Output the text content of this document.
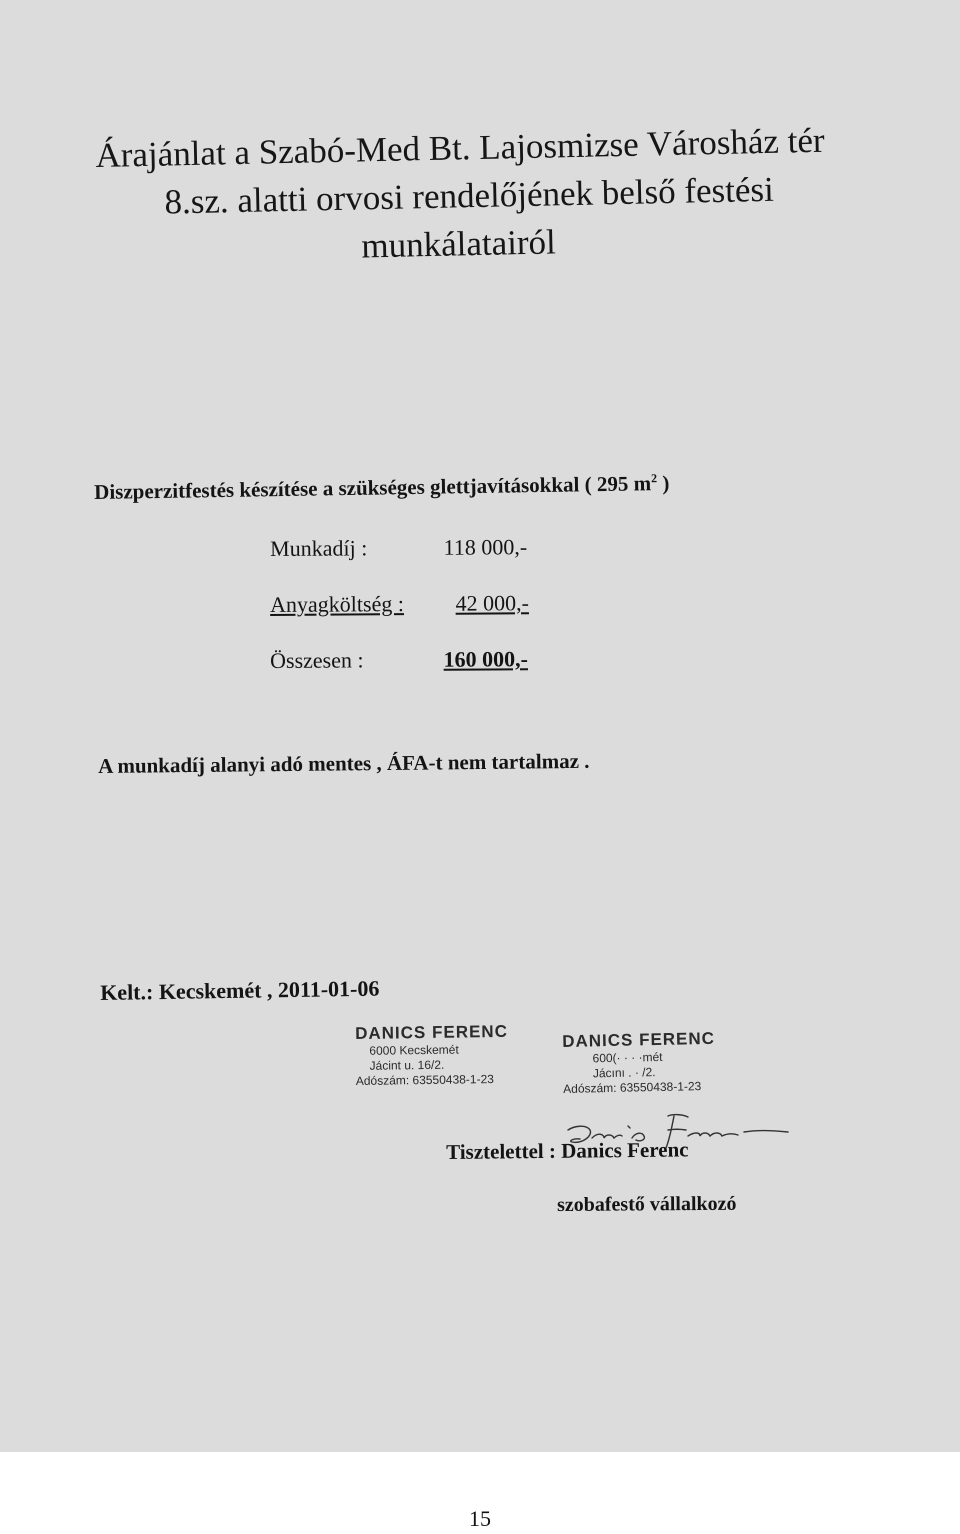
Árajánlat a Szabó-Med Bt. Lajosmizse Városház tér
8.sz. alatti orvosi rendelőjének belső festési
munkálatairól
Diszperzitfestés készítése a szükséges glettjavításokkal ( 295 $m^2$ )
Munkadíj :	118 000,-
Anyagköltség : 42 000,-
Összesen :	160 000,-
A munkadíj alanyi adó mentes , ÁFA-t nem tartalmaz .
Kelt.: Kecskemét , 2011-01-06
DANICS FERENC
6000 Kecskemét
Jácint u. 16/2.
Adószám: 63550438-1-23
DANICS FERENC
600(· · · ·mét
Jácını . · /2.
Adószám: 63550438-1-23
Tisztelettel : Danics Ferenc
szobafestő vállalkozó
15
